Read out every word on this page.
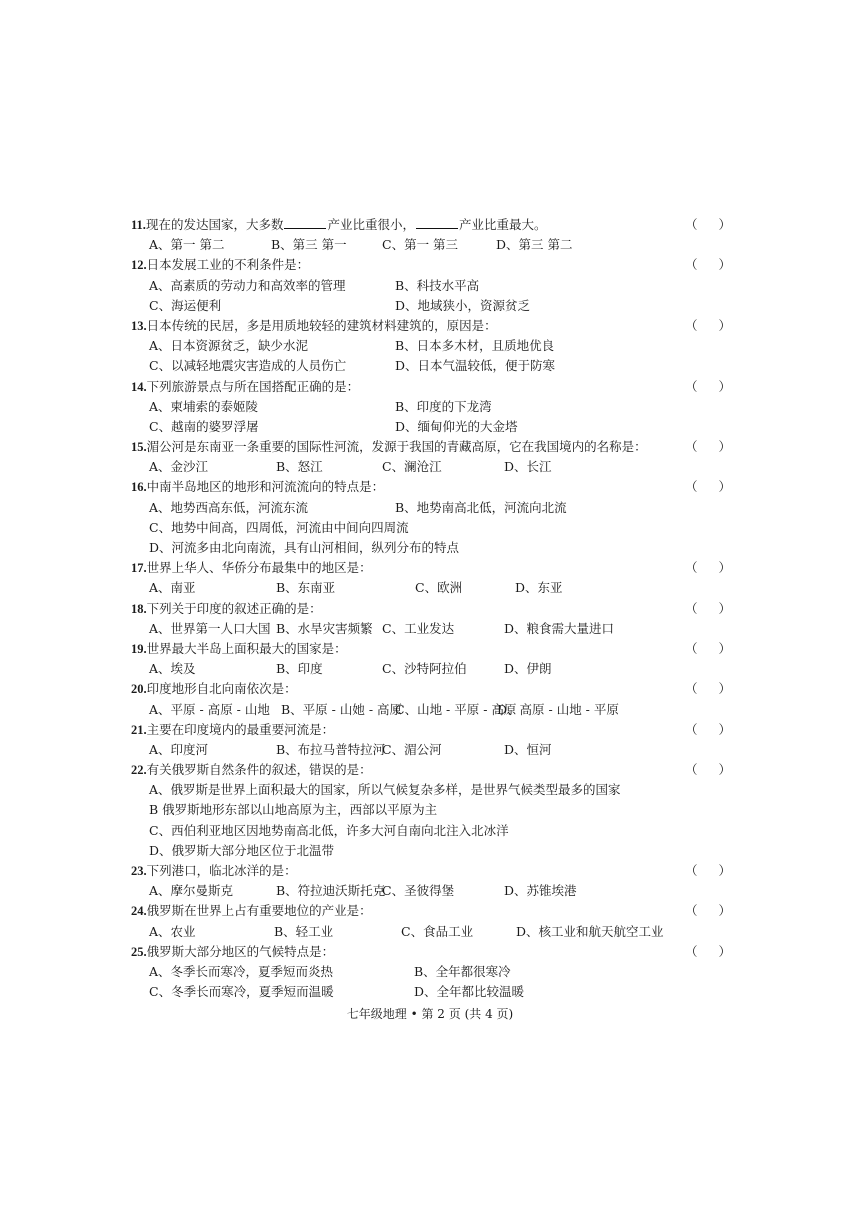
11. 现在的发达国家，大多数	产业比重很小，	产业比重最大。	（ ）
A、第一 第二	B、第三 第一	C、第一 第三	D、第三 第二
12. 日本发展工业的不利条件是：	（ ）
A、高素质的劳动力和高效率的管理	B、科技水平高
C、海运便利	D、地域狭小，资源贫乏
13. 日本传统的民居，多是用质地较轻的建筑材料建筑的，原因是：	（ ）
A、日本资源贫乏，缺少水泥	B、日本多木材，且质地优良
C、以减轻地震灾害造成的人员伤亡	D、日本气温较低，便于防寒
14. 下列旅游景点与所在国搭配正确的是：	（ ）
A、柬埔索的泰姬陵	B、印度的下龙湾
C、越南的婆罗浮屠	D、缅甸仰光的大金塔
15. 湄公河是东南亚一条重要的国际性河流，发源于我国的青藏高原，它在我国境内的名称是：	（ ）
A、金沙江	B、怒江	C、澜沧江	D、长江
16. 中南半岛地区的地形和河流流向的特点是：	（ ）
A、地势西高东低，河流东流	B、地势南高北低，河流向北流
C、地势中间高，四周低，河流由中间向四周流
D、河流多由北向南流，具有山河相间，纵列分布的特点
17. 世界上华人、华侨分布最集中的地区是：	（ ）
A、南亚	B、东南亚	C、欧洲	D、东亚
18. 下列关于印度的叙述正确的是：	（ ）
A、世界第一人口大国 B、水旱灾害频繁 C、工业发达	D、粮食需大量进口
19. 世界最大半岛上面积最大的国家是：	（ ）
A、埃及	B、印度	C、沙特阿拉伯	D、伊朗
20. 印度地形自北向南依次是：	（ ）
A、平原 - 高原 - 山地 B、平原 - 山她 - 高原
C、山地 - 平原 - 高原
D、高原 - 山地 - 平原
21. 主要在印度境内的最重要河流是：	（ ）
A、印度河	B、布拉马普特拉河
C、湄公河	D、恒河
22. 有关俄罗斯自然条件的叙述，错误的是：	（ ）
A、俄罗斯是世界上面积最大的国家，所以气候复杂多样，是世界气候类型最多的国家
B 俄罗斯地形东部以山地高原为主，西部以平原为主
C、西伯利亚地区因地势南高北低，许多大河自南向北注入北冰洋
D、俄罗斯大部分地区位于北温带
23. 下列港口，临北冰洋的是：	（ ）
A、摩尔曼斯克	B、符拉迪沃斯托克
C、圣彼得堡	D、苏锥埃港
24. 俄罗斯在世界上占有重要地位的产业是：	（ ）
A、农业	B、轻工业	C、食品工业	D、核工业和航天航空工业
25. 俄罗斯大部分地区的气候特点是：	（ ）
A、冬季长而寒冷，夏季短而炎热	B、全年都很寒冷
C、冬季长而寒冷，夏季短而温暖	D、全年都比较温暖
七年级地理 • 第 2 页 (共 4 页)
